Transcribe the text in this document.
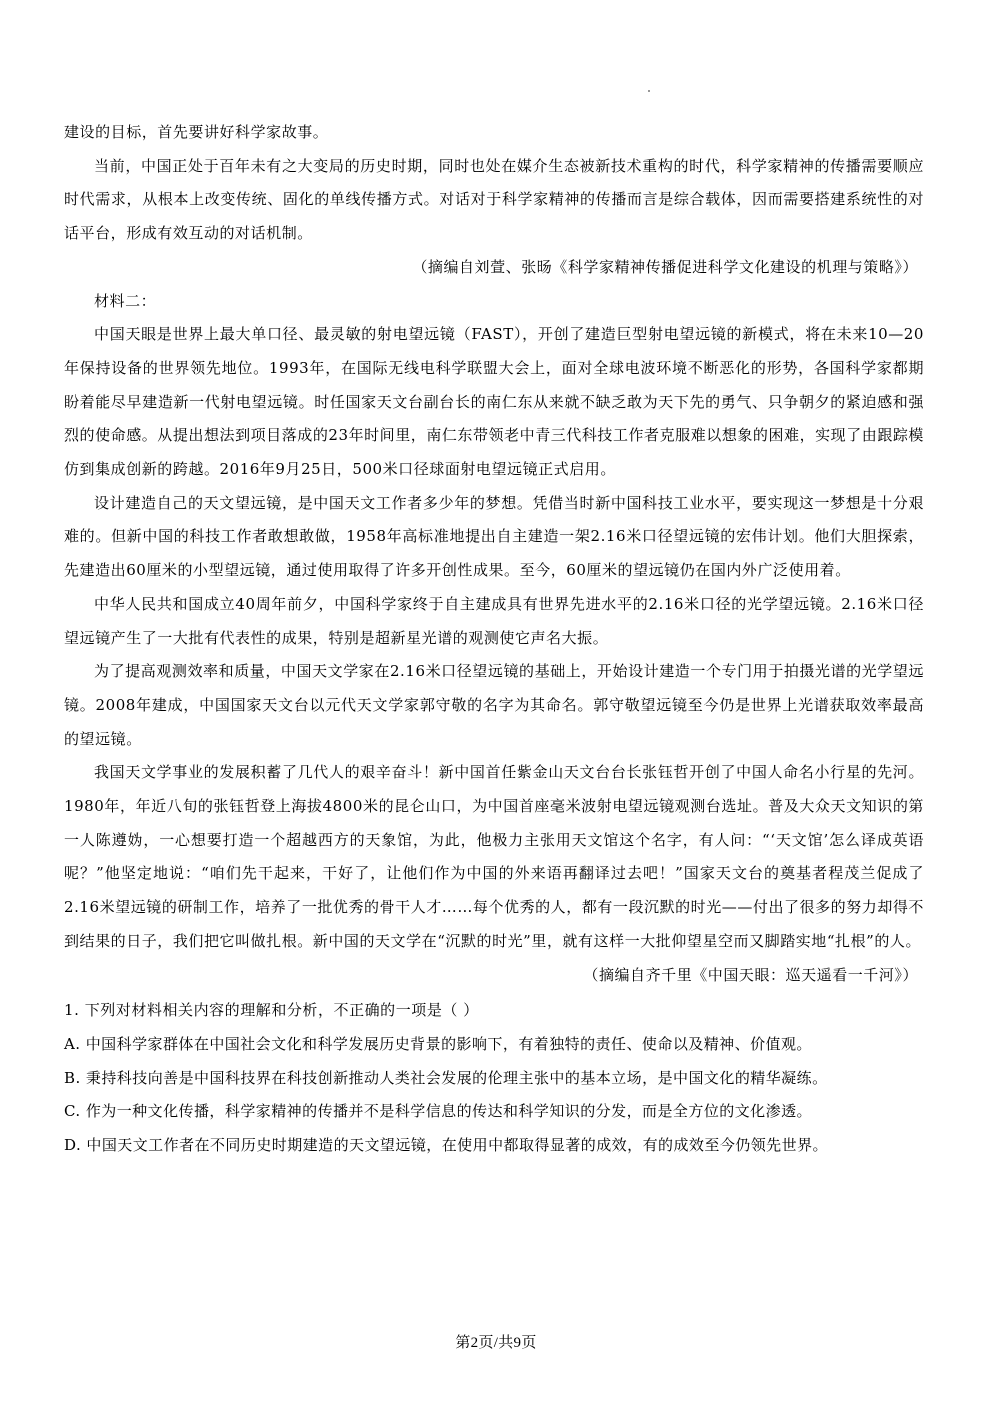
建设的目标，首先要讲好科学家故事。

当前，中国正处于百年未有之大变局的历史时期，同时也处在媒介生态被新技术重构的时代，科学家精神的传播需要顺应时代需求，从根本上改变传统、固化的单线传播方式。对话对于科学家精神的传播而言是综合载体，因而需要搭建系统性的对话平台，形成有效互动的对话机制。

（摘编自刘萱、张旸《科学家精神传播促进科学文化建设的机理与策略》）

材料二：

中国天眼是世界上最大单口径、最灵敏的射电望远镜（FAST），开创了建造巨型射电望远镜的新模式，将在未来10—20年保持设备的世界领先地位。1993年，在国际无线电科学联盟大会上，面对全球电波环境不断恶化的形势，各国科学家都期盼着能尽早建造新一代射电望远镜。时任国家天文台副台长的南仁东从来就不缺乏敢为天下先的勇气、只争朝夕的紧迫感和强烈的使命感。从提出想法到项目落成的23年时间里，南仁东带领老中青三代科技工作者克服难以想象的困难，实现了由跟踪模仿到集成创新的跨越。2016年9月25日，500米口径球面射电望远镜正式启用。

设计建造自己的天文望远镜，是中国天文工作者多少年的梦想。凭借当时新中国科技工业水平，要实现这一梦想是十分艰难的。但新中国的科技工作者敢想敢做，1958年高标准地提出自主建造一架2.16米口径望远镜的宏伟计划。他们大胆探索，先建造出60厘米的小型望远镜，通过使用取得了许多开创性成果。至今，60厘米的望远镜仍在国内外广泛使用着。

中华人民共和国成立40周年前夕，中国科学家终于自主建成具有世界先进水平的2.16米口径的光学望远镜。2.16米口径望远镜产生了一大批有代表性的成果，特别是超新星光谱的观测使它声名大振。

为了提高观测效率和质量，中国天文学家在2.16米口径望远镜的基础上，开始设计建造一个专门用于拍摄光谱的光学望远镜。2008年建成，中国国家天文台以元代天文学家郭守敬的名字为其命名。郭守敬望远镜至今仍是世界上光谱获取效率最高的望远镜。

我国天文学事业的发展积蓄了几代人的艰辛奋斗！新中国首任紫金山天文台台长张钰哲开创了中国人命名小行星的先河。1980年，年近八旬的张钰哲登上海拔4800米的昆仑山口，为中国首座毫米波射电望远镜观测台选址。普及大众天文知识的第一人陈遵妫，一心想要打造一个超越西方的天象馆，为此，他极力主张用天文馆这个名字，有人问：“‘天文馆’怎么译成英语呢？”他坚定地说：“咱们先干起来，干好了，让他们作为中国的外来语再翻译过去吧！”国家天文台的奠基者程茂兰促成了2.16米望远镜的研制工作，培养了一批优秀的骨干人才……每个优秀的人，都有一段沉默的时光——付出了很多的努力却得不到结果的日子，我们把它叫做扎根。新中国的天文学在“沉默的时光”里，就有这样一大批仰望星空而又脚踏实地“扎根”的人。

（摘编自齐千里《中国天眼：巡天遥看一千河》）

1. 下列对材料相关内容的理解和分析，不正确的一项是（ ）

A. 中国科学家群体在中国社会文化和科学发展历史背景的影响下，有着独特的责任、使命以及精神、价值观。

B. 秉持科技向善是中国科技界在科技创新推动人类社会发展的伦理主张中的基本立场，是中国文化的精华凝练。

C. 作为一种文化传播，科学家精神的传播并不是科学信息的传达和科学知识的分发，而是全方位的文化渗透。

D. 中国天文工作者在不同历史时期建造的天文望远镜，在使用中都取得显著的成效，有的成效至今仍领先世界。

第2页/共9页
